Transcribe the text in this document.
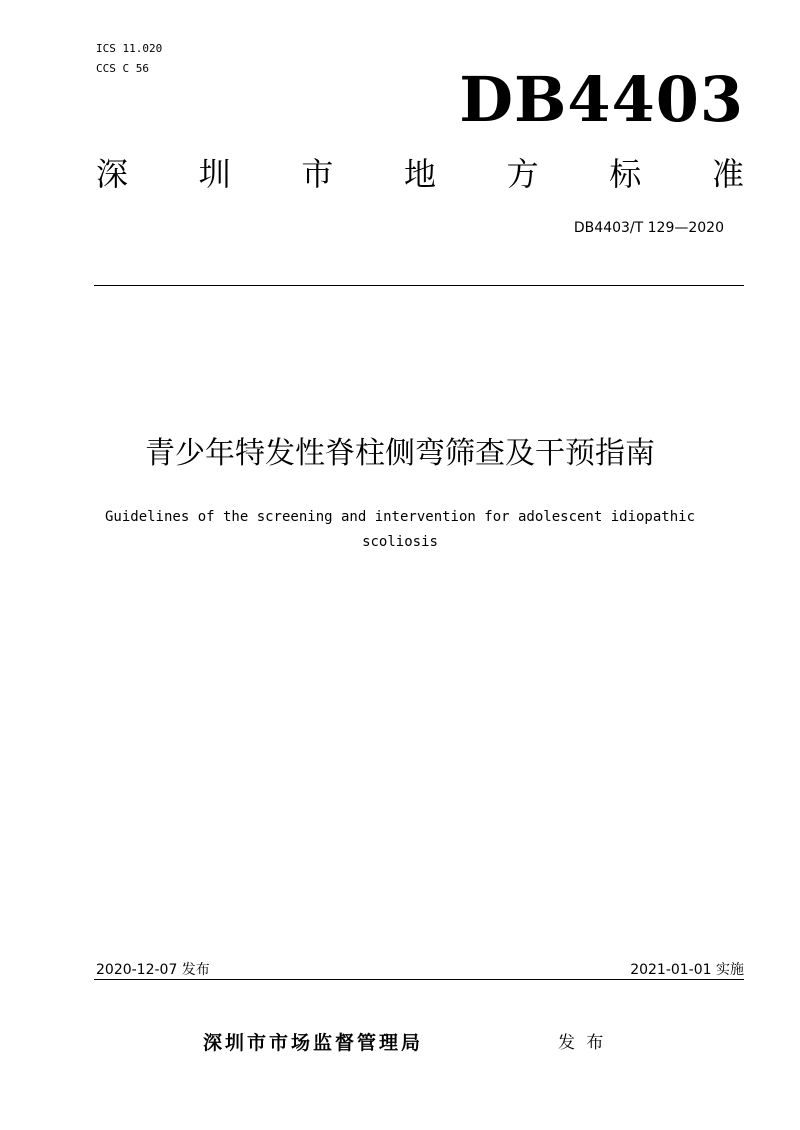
ICS 11.020
CCS C 56	DB4403
深 圳 市 地 方 标 准
DB4403/T 129—2020
青少年特发性脊柱侧弯筛查及干预指南
Guidelines of the screening and intervention for adolescent idiopathic
scoliosis
2020-12-07 发布	2021-01-01 实施
深圳市市场监督管理局	发 布
